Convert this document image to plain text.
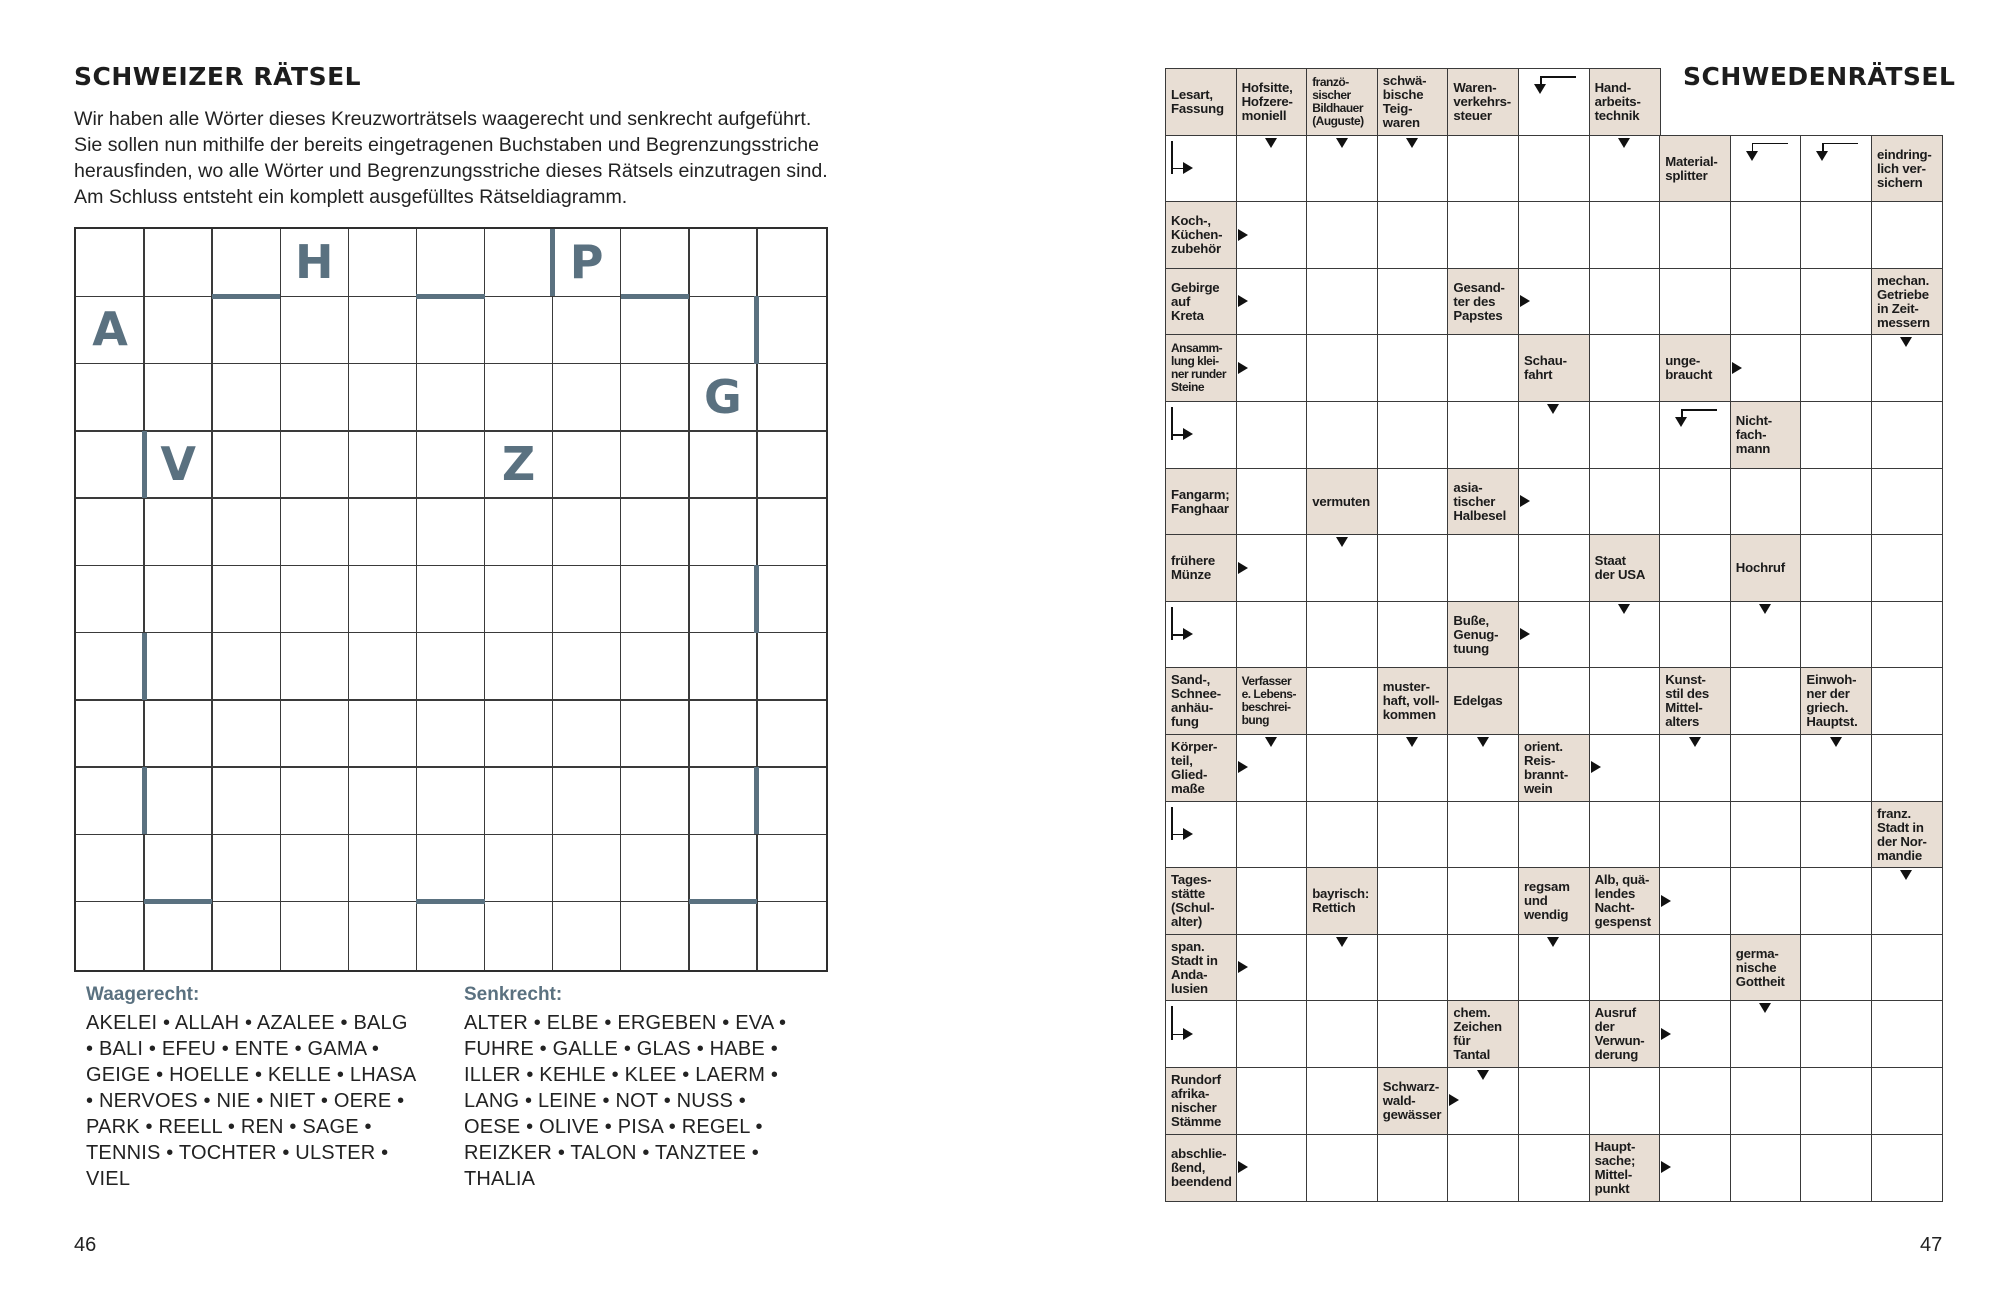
SCHWEIZER RÄTSEL
Wir haben alle Wörter dieses Kreuzworträtsels waagerecht und senkrecht aufgeführt.
Sie sollen nun mithilfe der bereits eingetragenen Buchstaben und Begrenzungsstriche
herausfinden, wo alle Wörter und Begrenzungsstriche dieses Rätsels einzutragen sind.
Am Schluss entsteht ein komplett ausgefülltes Rätseldiagramm.
H	P
A
G
V	Z
Waagerecht:
AKELEI • ALLAH • AZALEE • BALG
• BALI • EFEU • ENTE • GAMA •
GEIGE • HOELLE • KELLE • LHASA
• NERVOES • NIE • NIET • OERE •
PARK • REELL • REN • SAGE •
TENNIS • TOCHTER • ULSTER •
VIEL
Senkrecht:
ALTER • ELBE • ERGEBEN • EVA •
FUHRE • GALLE • GLAS • HABE •
ILLER • KEHLE • KLEE • LAERM •
LANG • LEINE • NOT • NUSS •
OESE • OLIVE • PISA • REGEL •
REIZKER • TALON • TANZTEE •
THALIA
46
SCHWEDENRÄTSEL
Lesart,
Fassung
Hofsitte,
Hofzere-
moniell
franzö-
sischer
Bildhauer
(Auguste)
schwä-
bische
Teig-
waren
Waren-
verkehrs-
steuer
Hand-
arbeits-
technik
Material-
splitter
eindring-
lich ver-
sichern
Koch-,
Küchen-
zubehör
Gebirge
auf
Kreta
Gesand-
ter des
Papstes
mechan.
Getriebe
in Zeit-
messern
Ansamm-
lung klei-
ner runder
Steine
Schau-
fahrt
unge-
braucht
Nicht-
fach-
mann
Fangarm;
Fanghaar	vermuten
asia-
tischer
Halbesel
frühere
Münze
Staat
der USA	Hochruf
Buße,
Genug-
tuung
Sand-,
Schnee-
anhäu-
fung
Verfasser
e. Lebens-
beschrei-
bung
muster-
haft, voll-
kommen
Edelgas
Kunst-
stil des
Mittel-
alters
Einwoh-
ner der
griech.
Hauptst.
Körper-
teil,
Glied-
maße
orient.
Reis-
brannt-
wein
franz.
Stadt in
der Nor-
mandie
Tages-
stätte
(Schul-
alter)
bayrisch:
Rettich
regsam
und
wendig
Alb, quä-
lendes
Nacht-
gespenst
span.
Stadt in
Anda-
lusien
germa-
nische
Gottheit
chem.
Zeichen
für
Tantal
Ausruf
der
Verwun-
derung
Rundorf
afrika-
nischer
Stämme
Schwarz-
wald-
gewässer
abschlie-
ßend,
beendend
Haupt-
sache;
Mittel-
punkt
47
